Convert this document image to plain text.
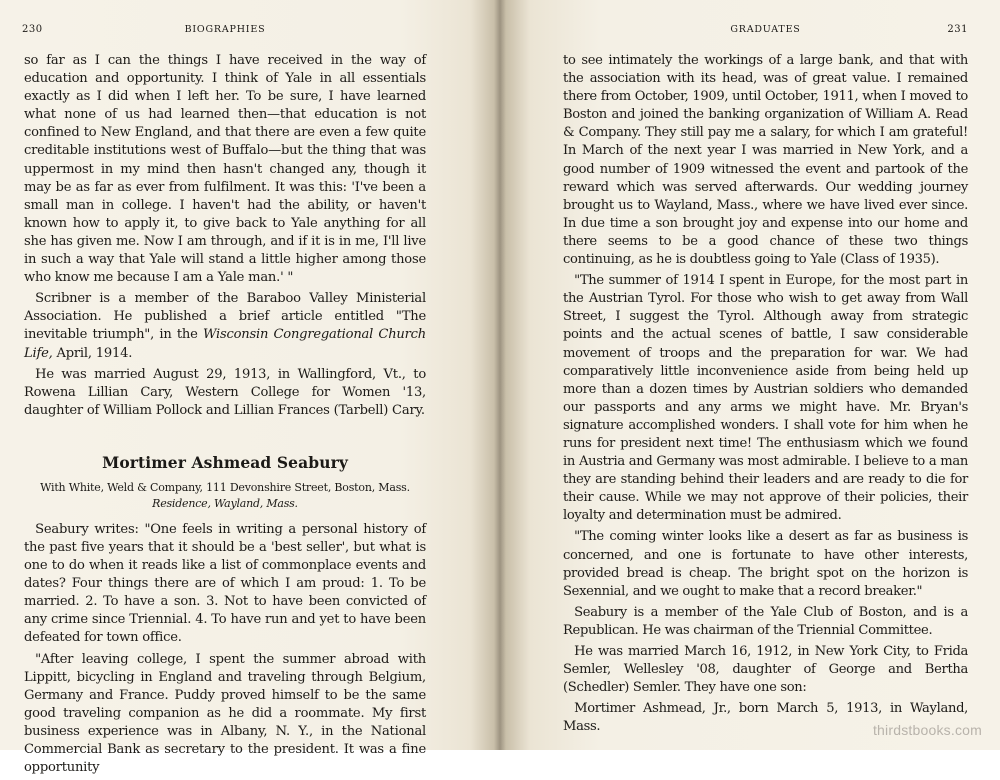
230	BIOGRAPHIES

so far as I can the things I have received in the way of education and opportunity. I think of Yale in all essentials exactly as I did when I left her. To be sure, I have learned what none of us had learned then—that education is not confined to New England, and that there are even a few quite creditable institutions west of Buffalo—but the thing that was uppermost in my mind then hasn't changed any, though it may be as far as ever from fulfilment. It was this: 'I've been a small man in college. I haven't had the ability, or haven't known how to apply it, to give back to Yale anything for all she has given me. Now I am through, and if it is in me, I'll live in such a way that Yale will stand a little higher among those who know me because I am a Yale man.' "

Scribner is a member of the Baraboo Valley Ministerial Association. He published a brief article entitled "The inevitable triumph", in the Wisconsin Congregational Church Life, April, 1914.

He was married August 29, 1913, in Wallingford, Vt., to Rowena Lillian Cary, Western College for Women '13, daughter of William Pollock and Lillian Frances (Tarbell) Cary.

Mortimer Ashmead Seabury

With White, Weld & Company, 111 Devonshire Street, Boston, Mass.

Residence, Wayland, Mass.

Seabury writes: "One feels in writing a personal history of the past five years that it should be a 'best seller', but what is one to do when it reads like a list of commonplace events and dates? Four things there are of which I am proud: 1. To be married. 2. To have a son. 3. Not to have been convicted of any crime since Triennial. 4. To have run and yet to have been defeated for town office.

"After leaving college, I spent the summer abroad with Lippitt, bicycling in England and traveling through Belgium, Germany and France. Puddy proved himself to be the same good traveling companion as he did a roommate. My first business experience was in Albany, N. Y., in the National Commercial Bank as secretary to the president. It was a fine opportunity

GRADUATES	231

to see intimately the workings of a large bank, and that with the association with its head, was of great value. I remained there from October, 1909, until October, 1911, when I moved to Boston and joined the banking organization of William A. Read & Company. They still pay me a salary, for which I am grateful! In March of the next year I was married in New York, and a good number of 1909 witnessed the event and partook of the reward which was served afterwards. Our wedding journey brought us to Wayland, Mass., where we have lived ever since. In due time a son brought joy and expense into our home and there seems to be a good chance of these two things continuing, as he is doubtless going to Yale (Class of 1935).

"The summer of 1914 I spent in Europe, for the most part in the Austrian Tyrol. For those who wish to get away from Wall Street, I suggest the Tyrol. Although away from strategic points and the actual scenes of battle, I saw considerable movement of troops and the preparation for war. We had comparatively little inconvenience aside from being held up more than a dozen times by Austrian soldiers who demanded our passports and any arms we might have. Mr. Bryan's signature accomplished wonders. I shall vote for him when he runs for president next time! The enthusiasm which we found in Austria and Germany was most admirable. I believe to a man they are standing behind their leaders and are ready to die for their cause. While we may not approve of their policies, their loyalty and determination must be admired.

"The coming winter looks like a desert as far as business is concerned, and one is fortunate to have other interests, provided bread is cheap. The bright spot on the horizon is Sexennial, and we ought to make that a record breaker."

Seabury is a member of the Yale Club of Boston, and is a Republican. He was chairman of the Triennial Committee.

He was married March 16, 1912, in New York City, to Frida Semler, Wellesley '08, daughter of George and Bertha (Schedler) Semler. They have one son:

Mortimer Ashmead, Jr., born March 5, 1913, in Wayland, Mass.	thirdstbooks.com
